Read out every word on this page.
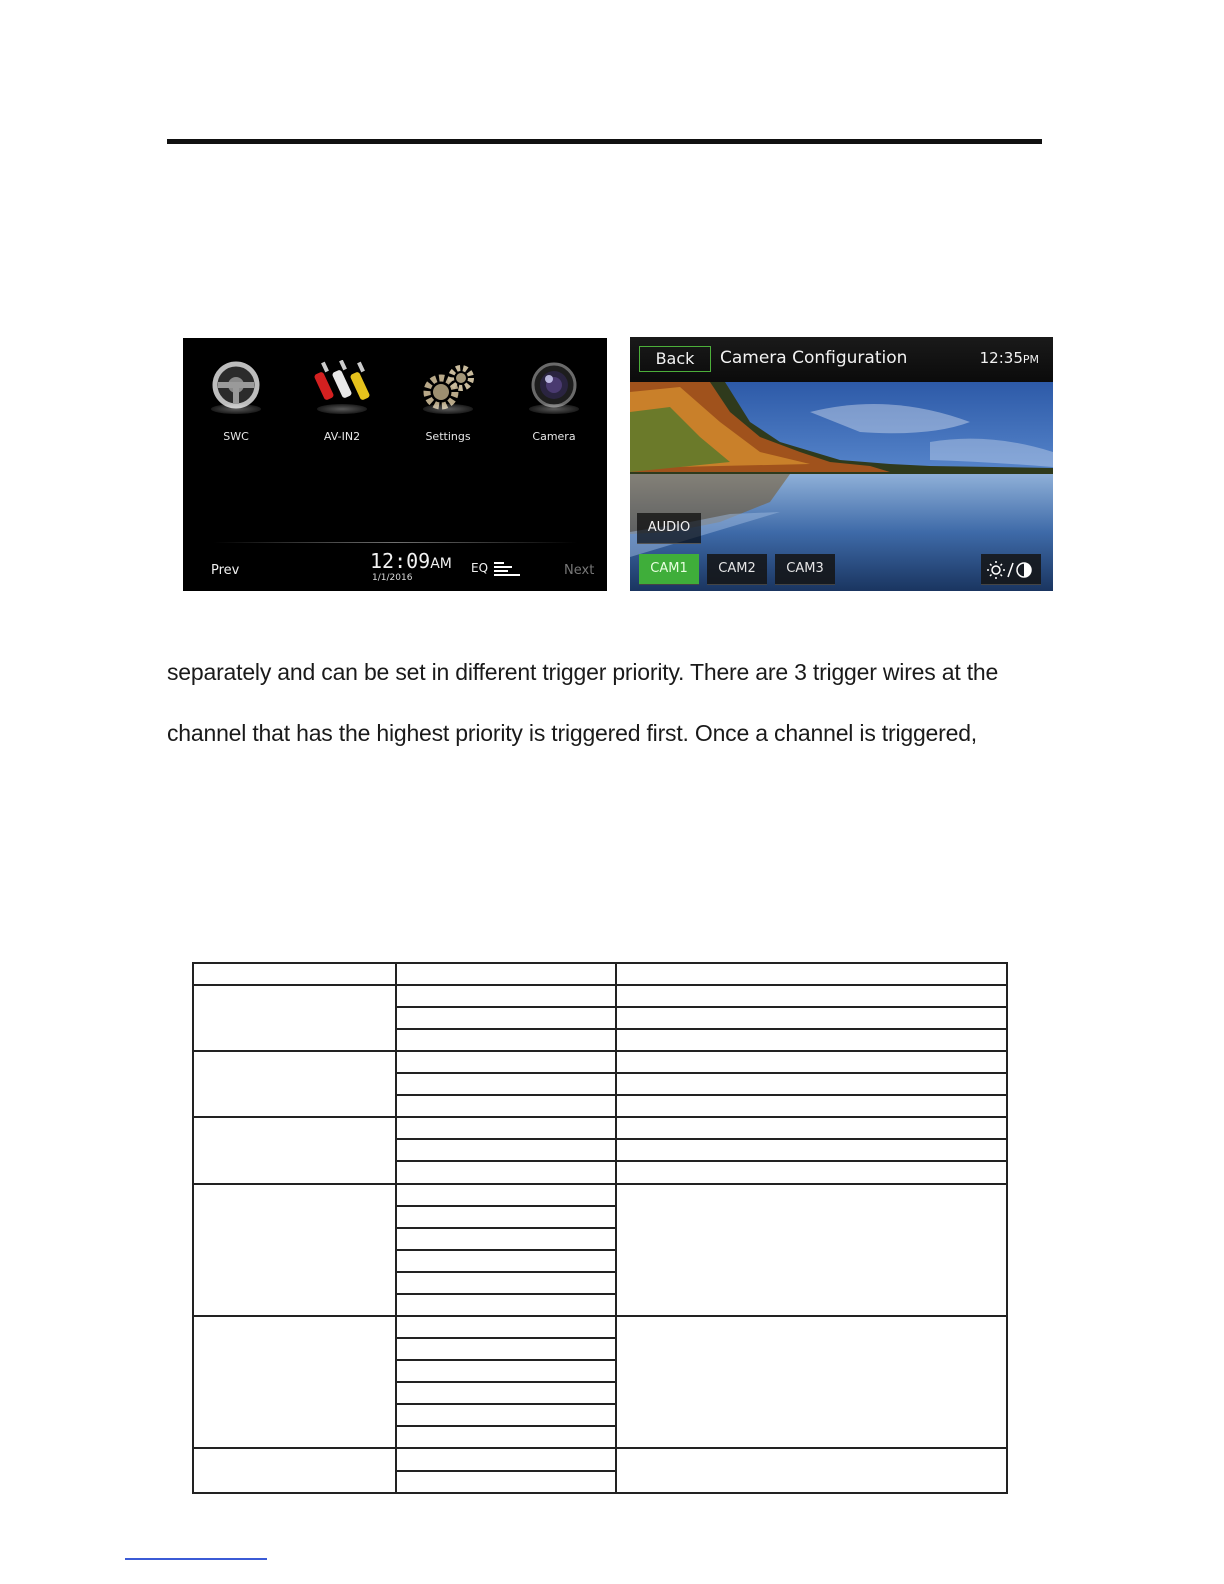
SWC	AV-IN2	Settings	Camera
Prev	12:09AM
1/1/2016
EQ	Next
Back	Camera Configuration	12:35PM
AUDIO
CAM1	CAM2	CAM3
separately and can be set in different trigger priority. There are 3 trigger wires at the
channel that has the highest priority is triggered first. Once a channel is triggered,
